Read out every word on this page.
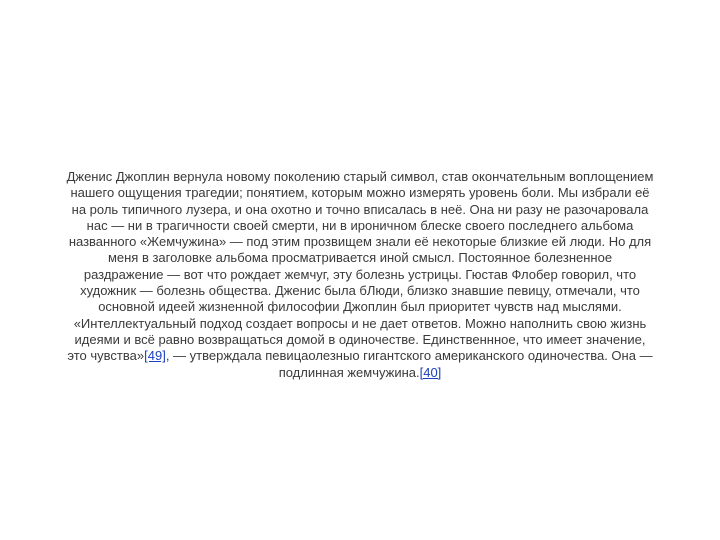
Дженис Джоплин вернула новому поколению старый символ, став окончательным воплощением
нашего ощущения трагедии; понятием, которым можно измерять уровень боли. Мы избрали её
на роль типичного лузера, и она охотно и точно вписалась в неё. Она ни разу не разочаровала
нас — ни в трагичности своей смерти, ни в ироничном блеске своего последнего альбома
названного «Жемчужина» — под этим прозвищем знали её некоторые близкие ей люди. Но для
меня в заголовке альбома просматривается иной смысл. Постоянное болезненное
раздражение — вот что рождает жемчуг, эту болезнь устрицы. Гюстав Флобер говорил, что
художник — болезнь общества. Дженис была бЛюди, близко знавшие певицу, отмечали, что
основной идеей жизненной философии Джоплин был приоритет чувств над мыслями.
«Интеллектуальный подход создает вопросы и не дает ответов. Можно наполнить свою жизнь
идеями и всё равно возвращаться домой в одиночестве. Единственнное, что имеет значение,
это чувства»[49], — утверждала певицаолезныо гигантского американского одиночества. Она —
подлинная жемчужина.[40]
